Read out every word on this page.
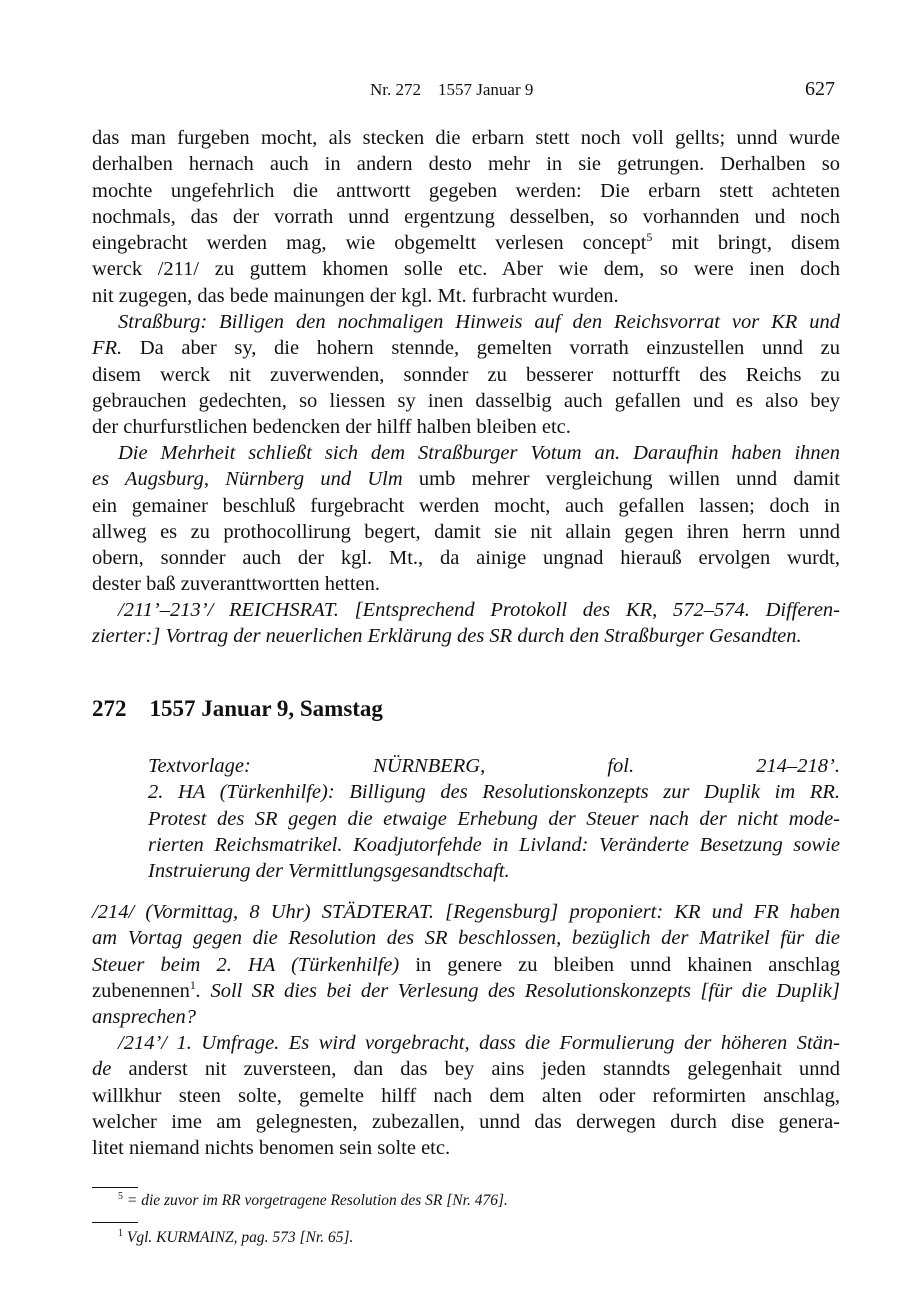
Nr. 272    1557 Januar 9	627
das man furgeben mocht, als stecken die erbarn stett noch voll gellts; unnd wurde
derhalben hernach auch in andern desto mehr in sie getrungen. Derhalben so
mochte ungefehrlich die anttwortt gegeben werden: Die erbarn stett achteten
nochmals, das der vorrath unnd ergentzung desselben, so vorhannden und noch
eingebracht werden mag, wie obgemeltt verlesen concept$^5$ mit bringt, disem
werck /211/ zu guttem khomen solle etc. Aber wie dem, so were inen doch
nit zugegen, das bede mainungen der kgl. Mt. furbracht wurden.
Straßburg: Billigen den nochmaligen Hinweis auf den Reichsvorrat vor KR und
FR. Da aber sy, die hohern stennde, gemelten vorrath einzustellen unnd zu
disem werck nit zuverwenden, sonnder zu besserer notturfft des Reichs zu
gebrauchen gedechten, so liessen sy inen dasselbig auch gefallen und es also bey
der churfurstlichen bedencken der hilff halben bleiben etc.
Die Mehrheit schließt sich dem Straßburger Votum an. Daraufhin haben ihnen
es Augsburg, Nürnberg und Ulm umb mehrer vergleichung willen unnd damit
ein gemainer beschluß furgebracht werden mocht, auch gefallen lassen; doch in
allweg es zu prothocollirung begert, damit sie nit allain gegen ihren herrn unnd
obern, sonnder auch der kgl. Mt., da ainige ungnad hierauß ervolgen wurdt,
dester baß zuveranttwortten hetten.
/211’–213’/ REICHSRAT. [Entsprechend Protokoll des KR, 572–574. Differen-
zierter:] Vortrag der neuerlichen Erklärung des SR durch den Straßburger Gesandten.
Textvorlage: NÜRNBERG, fol. 214–218’.
2. HA (Türkenhilfe): Billigung des Resolutionskonzepts zur Duplik im RR.
Protest des SR gegen die etwaige Erhebung der Steuer nach der nicht mode-
rierten Reichsmatrikel. Koadjutorfehde in Livland: Veränderte Besetzung sowie
Instruierung der Vermittlungsgesandtschaft.
/214/ (Vormittag, 8 Uhr) STÄDTERAT. [Regensburg] proponiert: KR und FR haben
am Vortag gegen die Resolution des SR beschlossen, bezüglich der Matrikel für die
Steuer beim 2. HA (Türkenhilfe) in genere zu bleiben unnd khainen anschlag
zubenennen$^1$. Soll SR dies bei der Verlesung des Resolutionskonzepts [für die Duplik]
ansprechen?
/214’/ 1. Umfrage. Es wird vorgebracht, dass die Formulierung der höheren Stän-
de anderst nit zuversteen, dan das bey ains jeden stanndts gelegenhait unnd
willkhur steen solte, gemelte hilff nach dem alten oder reformirten anschlag,
welcher ime am gelegnesten, zubezallen, unnd das derwegen durch dise genera-
litet niemand nichts benomen sein solte etc.
272    1557 Januar 9, Samstag
$^5$ = die zuvor im RR vorgetragene Resolution des SR [Nr. 476].
$^1$ Vgl. KURMAINZ, pag. 573 [Nr. 65].
